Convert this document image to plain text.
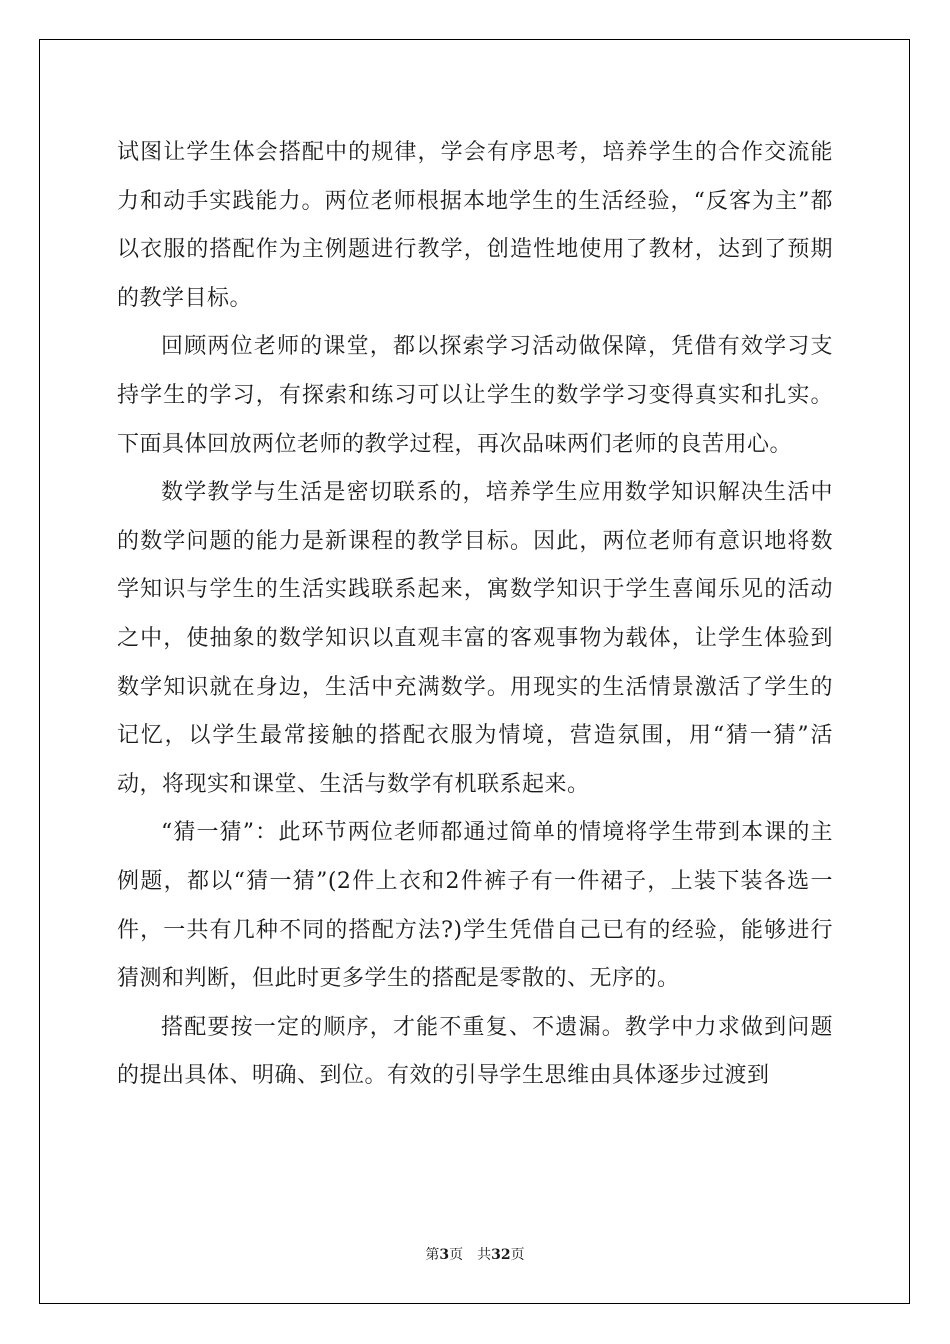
试图让学生体会搭配中的规律，学会有序思考，培养学生的合作交流能力和动手实践能力。两位老师根据本地学生的生活经验，“反客为主”都以衣服的搭配作为主例题进行教学，创造性地使用了教材，达到了预期的教学目标。

回顾两位老师的课堂，都以探索学习活动做保障，凭借有效学习支持学生的学习，有探索和练习可以让学生的数学学习变得真实和扎实。下面具体回放两位老师的教学过程，再次品味两们老师的良苦用心。

数学教学与生活是密切联系的，培养学生应用数学知识解决生活中的数学问题的能力是新课程的教学目标。因此，两位老师有意识地将数学知识与学生的生活实践联系起来，寓数学知识于学生喜闻乐见的活动之中，使抽象的数学知识以直观丰富的客观事物为载体，让学生体验到数学知识就在身边，生活中充满数学。用现实的生活情景激活了学生的记忆，以学生最常接触的搭配衣服为情境，营造氛围，用“猜一猜”活动，将现实和课堂、生活与数学有机联系起来。

“猜一猜”：此环节两位老师都通过简单的情境将学生带到本课的主例题，都以“猜一猜”(2件上衣和2件裤子有一件裙子，上装下装各选一件，一共有几种不同的搭配方法?)学生凭借自己已有的经验，能够进行猜测和判断，但此时更多学生的搭配是零散的、无序的。

搭配要按一定的顺序，才能不重复、不遗漏。教学中力求做到问题的提出具体、明确、到位。有效的引导学生思维由具体逐步过渡到

第3页 共32页
